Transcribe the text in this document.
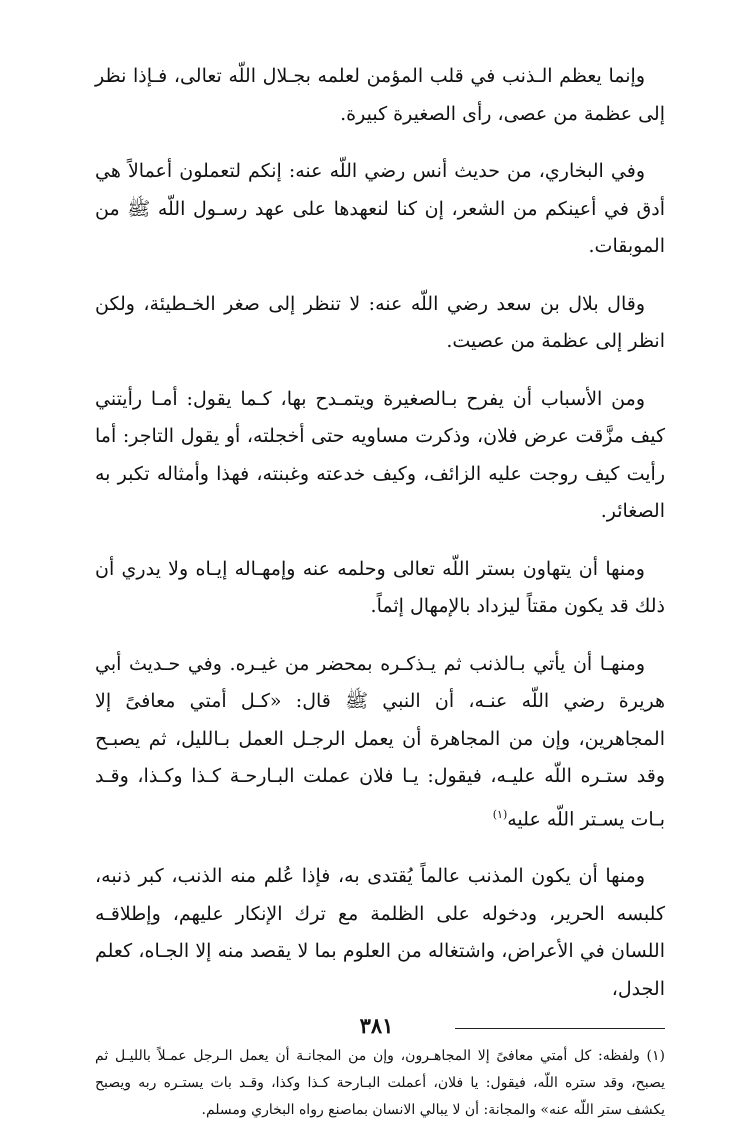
وإنما يعظم الـذنب في قلب المؤمن لعلمه بجـلال اللّه تعالى، فـإذا نظر إلى عظمة من عصى، رأى الصغيرة كبيرة.

وفي البخاري، من حديث أنس رضي اللّه عنه: إنكم لتعملون أعمالاً هي أدق في أعينكم من الشعر، إن كنا لنعهدها على عهد رسـول اللّه ﷺ من الموبقات.

وقال بلال بن سعد رضي اللّه عنه: لا تنظر إلى صغر الخـطيئة، ولكن انظر إلى عظمة من عصيت.

ومن الأسباب أن يفرح بـالصغيرة ويتمـدح بها، كـما يقول: أمـا رأيتني كيف مزَّقت عرض فلان، وذكرت مساويه حتى أخجلته، أو يقول التاجر: أما رأيت كيف روجت عليه الزائف، وكيف خدعته وغبنته، فهذا وأمثاله تكبر به الصغائر.

ومنها أن يتهاون بستر اللّه تعالى وحلمه عنه وإمهـاله إيـاه ولا يدري أن ذلك قد يكون مقتاً ليزداد بالإمهال إثماً.

ومنهـا أن يأتي بـالذنب ثم يـذكـره بمحضر من غيـره. وفي حـديث أبي هريرة رضي اللّه عنـه، أن النبي ﷺ قال: «كـل أمتي معافىً إلا المجاهرين، وإن من المجاهرة أن يعمل الرجـل العمل بـالليل، ثم يصبـح وقد ستـره اللّه عليـه، فيقول: يـا فلان عملت البـارحـة كـذا وكـذا، وقـد بـات يسـتر اللّه عليه$^{(١)}$

ومنها أن يكون المذنب عالماً يُقتدى به، فإذا عُلم منه الذنب، كبر ذنبه، كلبسه الحرير، ودخوله على الظلمة مع ترك الإنكار عليهم، وإطلاقـه اللسان في الأعراض، واشتغاله من العلوم بما لا يقصد منه إلا الجـاه، كعلم الجدل،

(١) ولفظه: كل أمتي معافىً إلا المجاهـرون، وإن من المجانـة أن يعمل الـرجل عمـلاً بالليـل ثم يصبح، وقد ستره اللّه، فيقول: يا فلان، أعملت البـارحة كـذا وكذا، وقـد بات يستـره ربه ويصبح يكشف ستر اللّه عنه» والمجانة: أن لا يبالي الانسان بماصنع رواه البخاري ومسلم.

٣٨١
